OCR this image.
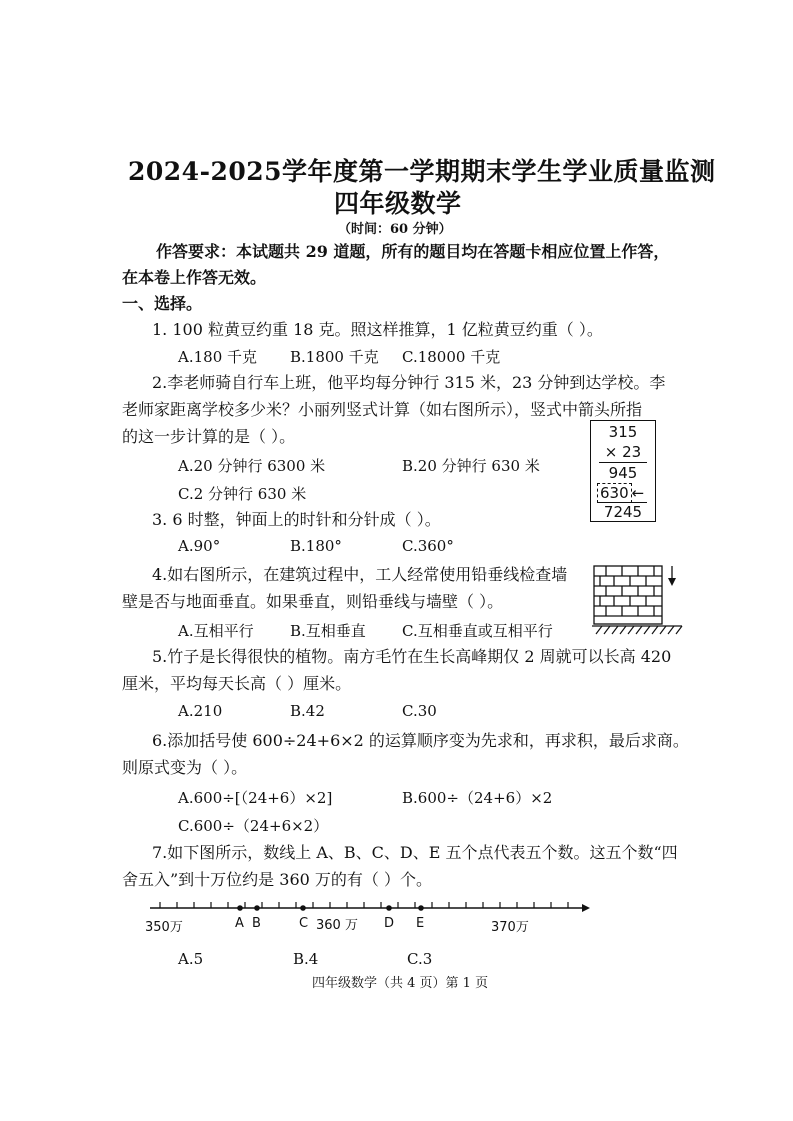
2024-2025学年度第一学期期末学生学业质量监测
四年级数学
（时间：60 分钟）
作答要求：本试题共 29 道题，所有的题目均在答题卡相应位置上作答，
在本卷上作答无效。
一、选择。
1. 100 粒黄豆约重 18 克。照这样推算，1 亿粒黄豆约重（ ）。
A.180 千克 B.1800 千克 C.18000 千克
2.李老师骑自行车上班，他平均每分钟行 315 米，23 分钟到达学校。李
老师家距离学校多少米？小丽列竖式计算（如右图所示），竖式中箭头所指
的这一步计算的是（ ）。
A.20 分钟行 6300 米	B.20 分钟行 630 米
C.2 分钟行 630 米
315
× 23
945
630 ←
7245
3. 6 时整，钟面上的时针和分针成（ ）。
A.90°	B.180°	C.360°
4.如右图所示，在建筑过程中，工人经常使用铅垂线检查墙
壁是否与地面垂直。如果垂直，则铅垂线与墙壁（ ）。
A.互相平行 B.互相垂直 C.互相垂直或互相平行
5.竹子是长得很快的植物。南方毛竹在生长高峰期仅 2 周就可以长高 420
厘米，平均每天长高（ ）厘米。
A.210	B.42	C.30
6.添加括号使 600÷24+6×2 的运算顺序变为先求和，再求积，最后求商。
则原式变为（ ）。
A.600÷[（24+6）×2]	B.600÷（24+6）×2
C.600÷（24+6×2）
7.如下图所示，数线上 A、B、C、D、E 五个点代表五个数。这五个数“四
舍五入”到十万位约是 360 万的有（ ）个。
350万	A B	C 360 万 D E	370万
A.5	B.4	C.3
四年级数学（共 4 页）第 1 页
